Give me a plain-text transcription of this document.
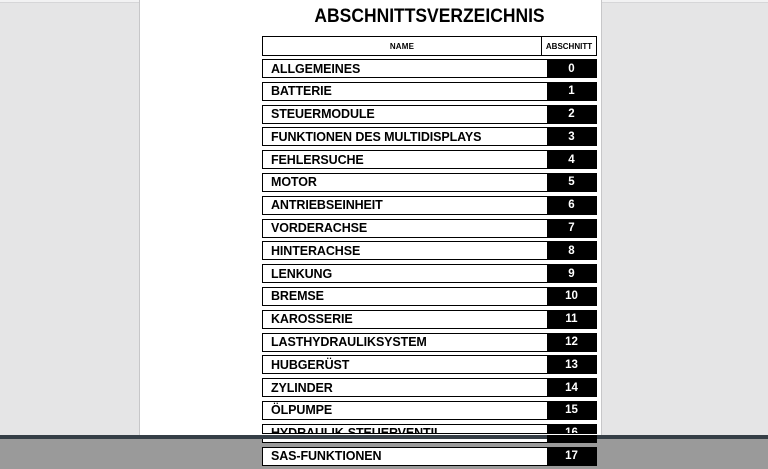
ABSCHNITTSVERZEICHNIS
NAME	ABSCHNITT
ALLGEMEINES	0
BATTERIE	1
STEUERMODULE	2
FUNKTIONEN DES MULTIDISPLAYS	3
FEHLERSUCHE	4
MOTOR	5
ANTRIEBSEINHEIT	6
VORDERACHSE	7
HINTERACHSE	8
LENKUNG	9
BREMSE	10
KAROSSERIE	11
LASTHYDRAULIKSYSTEM	12
HUBGERÜST	13
ZYLINDER	14
ÖLPUMPE	15
SAS-FUNKTIONEN	17
